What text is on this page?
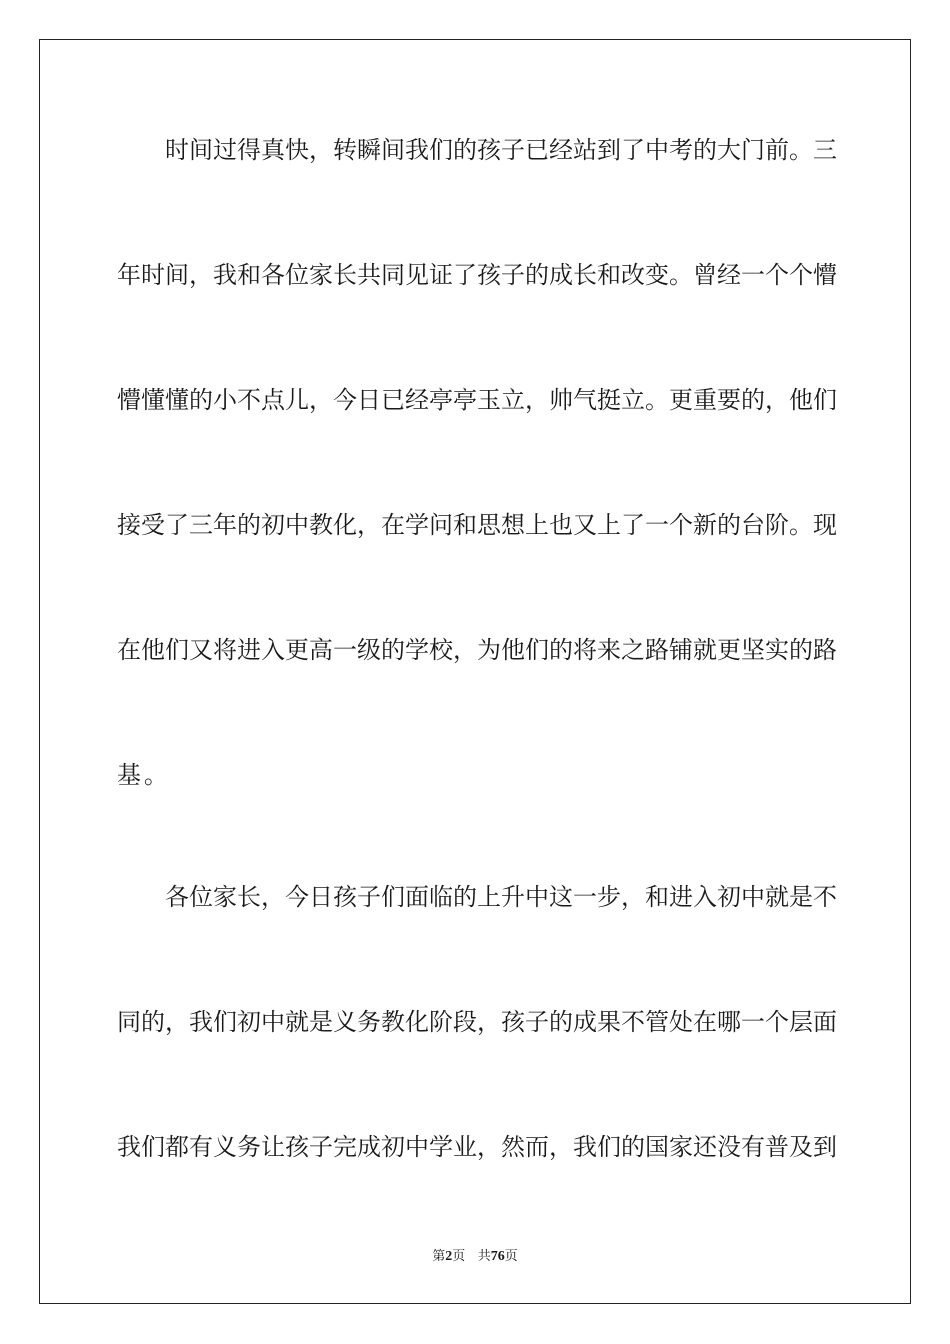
时间过得真快，转瞬间我们的孩子已经站到了中考的大门前。三
年时间，我和各位家长共同见证了孩子的成长和改变。曾经一个个懵
懵懂懂的小不点儿，今日已经亭亭玉立，帅气挺立。更重要的，他们
接受了三年的初中教化，在学问和思想上也又上了一个新的台阶。现
在他们又将进入更高一级的学校，为他们的将来之路铺就更坚实的路
基。
各位家长，今日孩子们面临的上升中这一步，和进入初中就是不
同的，我们初中就是义务教化阶段，孩子的成果不管处在哪一个层面
我们都有义务让孩子完成初中学业，然而，我们的国家还没有普及到
第2页 共76页
